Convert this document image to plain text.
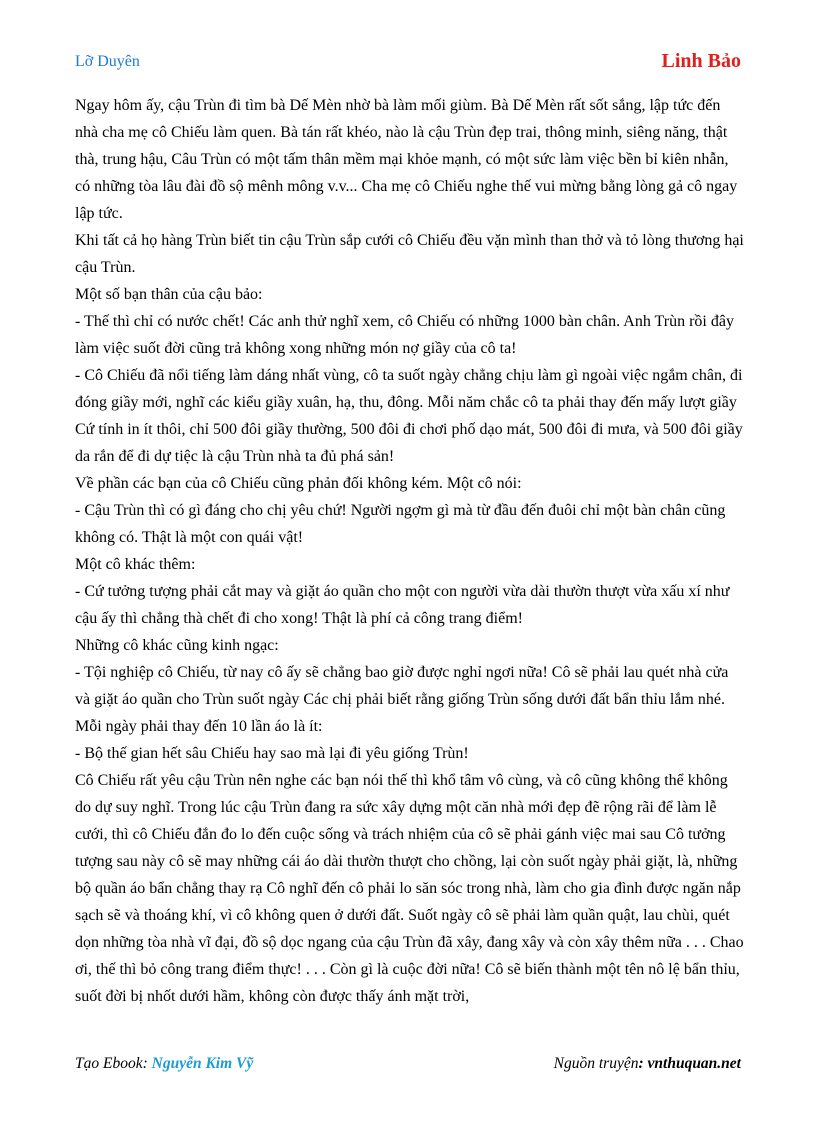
Lỡ Duyên	Linh Bảo

Ngay hôm ấy, cậu Trùn đi tìm bà Dế Mèn nhờ bà làm mối giùm. Bà Dế Mèn rất sốt sắng, lập tức đến nhà cha mẹ cô Chiếu làm quen. Bà tán rất khéo, nào là cậu Trùn đẹp trai, thông minh, siêng năng, thật thà, trung hậu, Câu Trùn có một tấm thân mềm mại khỏe mạnh, có một sức làm việc bền bỉ kiên nhẫn, có những tòa lâu đài đồ sộ mênh mông v.v... Cha mẹ cô Chiếu nghe thế vui mừng bằng lòng gả cô ngay lập tức.

Khi tất cả họ hàng Trùn biết tin cậu Trùn sắp cưới cô Chiếu đều vặn mình than thở và tỏ lòng thương hại cậu Trùn.

Một số bạn thân của cậu bảo:

- Thế thì chỉ có nước chết! Các anh thử nghĩ xem, cô Chiếu có những 1000 bàn chân. Anh Trùn rồi đây làm việc suốt đời cũng trả không xong những món nợ giầy của cô ta!

- Cô Chiếu đã nổi tiếng làm dáng nhất vùng, cô ta suốt ngày chẳng chịu làm gì ngoài việc ngắm chân, đi đóng giầy mới, nghĩ các kiểu giầy xuân, hạ, thu, đông. Mỗi năm chắc cô ta phải thay đến mấy lượt giầy Cứ tính in ít thôi, chỉ 500 đôi giầy thường, 500 đôi đi chơi phố dạo mát, 500 đôi đi mưa, và 500 đôi giầy da rắn để đi dự tiệc là cậu Trùn nhà ta đủ phá sản!

Về phần các bạn của cô Chiếu cũng phản đối không kém. Một cô nói:

- Cậu Trùn thì có gì đáng cho chị yêu chứ! Người ngợm gì mà từ đầu đến đuôi chỉ một bàn chân cũng không có. Thật là một con quái vật!

Một cô khác thêm:

- Cứ tưởng tượng phải cắt may và giặt áo quần cho một con người vừa dài thườn thượt vừa xấu xí như cậu ấy thì chẳng thà chết đi cho xong! Thật là phí cả công trang điểm!

Những cô khác cũng kinh ngạc:

- Tội nghiệp cô Chiếu, từ nay cô ấy sẽ chẳng bao giờ được nghỉ ngơi nữa! Cô sẽ phải lau quét nhà cửa và giặt áo quần cho Trùn suốt ngày Các chị phải biết rằng giống Trùn sống dưới đất bẩn thỉu lắm nhé. Mỗi ngày phải thay đến 10 lần áo là ít:

- Bộ thế gian hết sâu Chiếu hay sao mà lại đi yêu giống Trùn!

Cô Chiếu rất yêu cậu Trùn nên nghe các bạn nói thế thì khổ tâm vô cùng, và cô cũng không thể không do dự suy nghĩ. Trong lúc cậu Trùn đang ra sức xây dựng một căn nhà mới đẹp đẽ rộng rãi để làm lễ cưới, thì cô Chiếu đắn đo lo đến cuộc sống và trách nhiệm của cô sẽ phải gánh việc mai sau Cô tưởng tượng sau này cô sẽ may những cái áo dài thườn thượt cho chồng, lại còn suốt ngày phải giặt, là, những bộ quần áo bẩn chẳng thay rạ Cô nghĩ đến cô phải lo săn sóc trong nhà, làm cho gia đình được ngăn nắp sạch sẽ và thoáng khí, vì cô không quen ở dưới đất. Suốt ngày cô sẽ phải làm quần quật, lau chùi, quét dọn những tòa nhà vĩ đại, đồ sộ dọc ngang của cậu Trùn đã xây, đang xây và còn xây thêm nữa . . . Chao ơi, thế thì bỏ công trang điểm thực! . . . Còn gì là cuộc đời nữa! Cô sẽ biến thành một tên nô lệ bẩn thỉu, suốt đời bị nhốt dưới hầm, không còn được thấy ánh mặt trời,

Tạo Ebook: Nguyễn Kim Vỹ	Nguồn truyện: vnthuquan.net
